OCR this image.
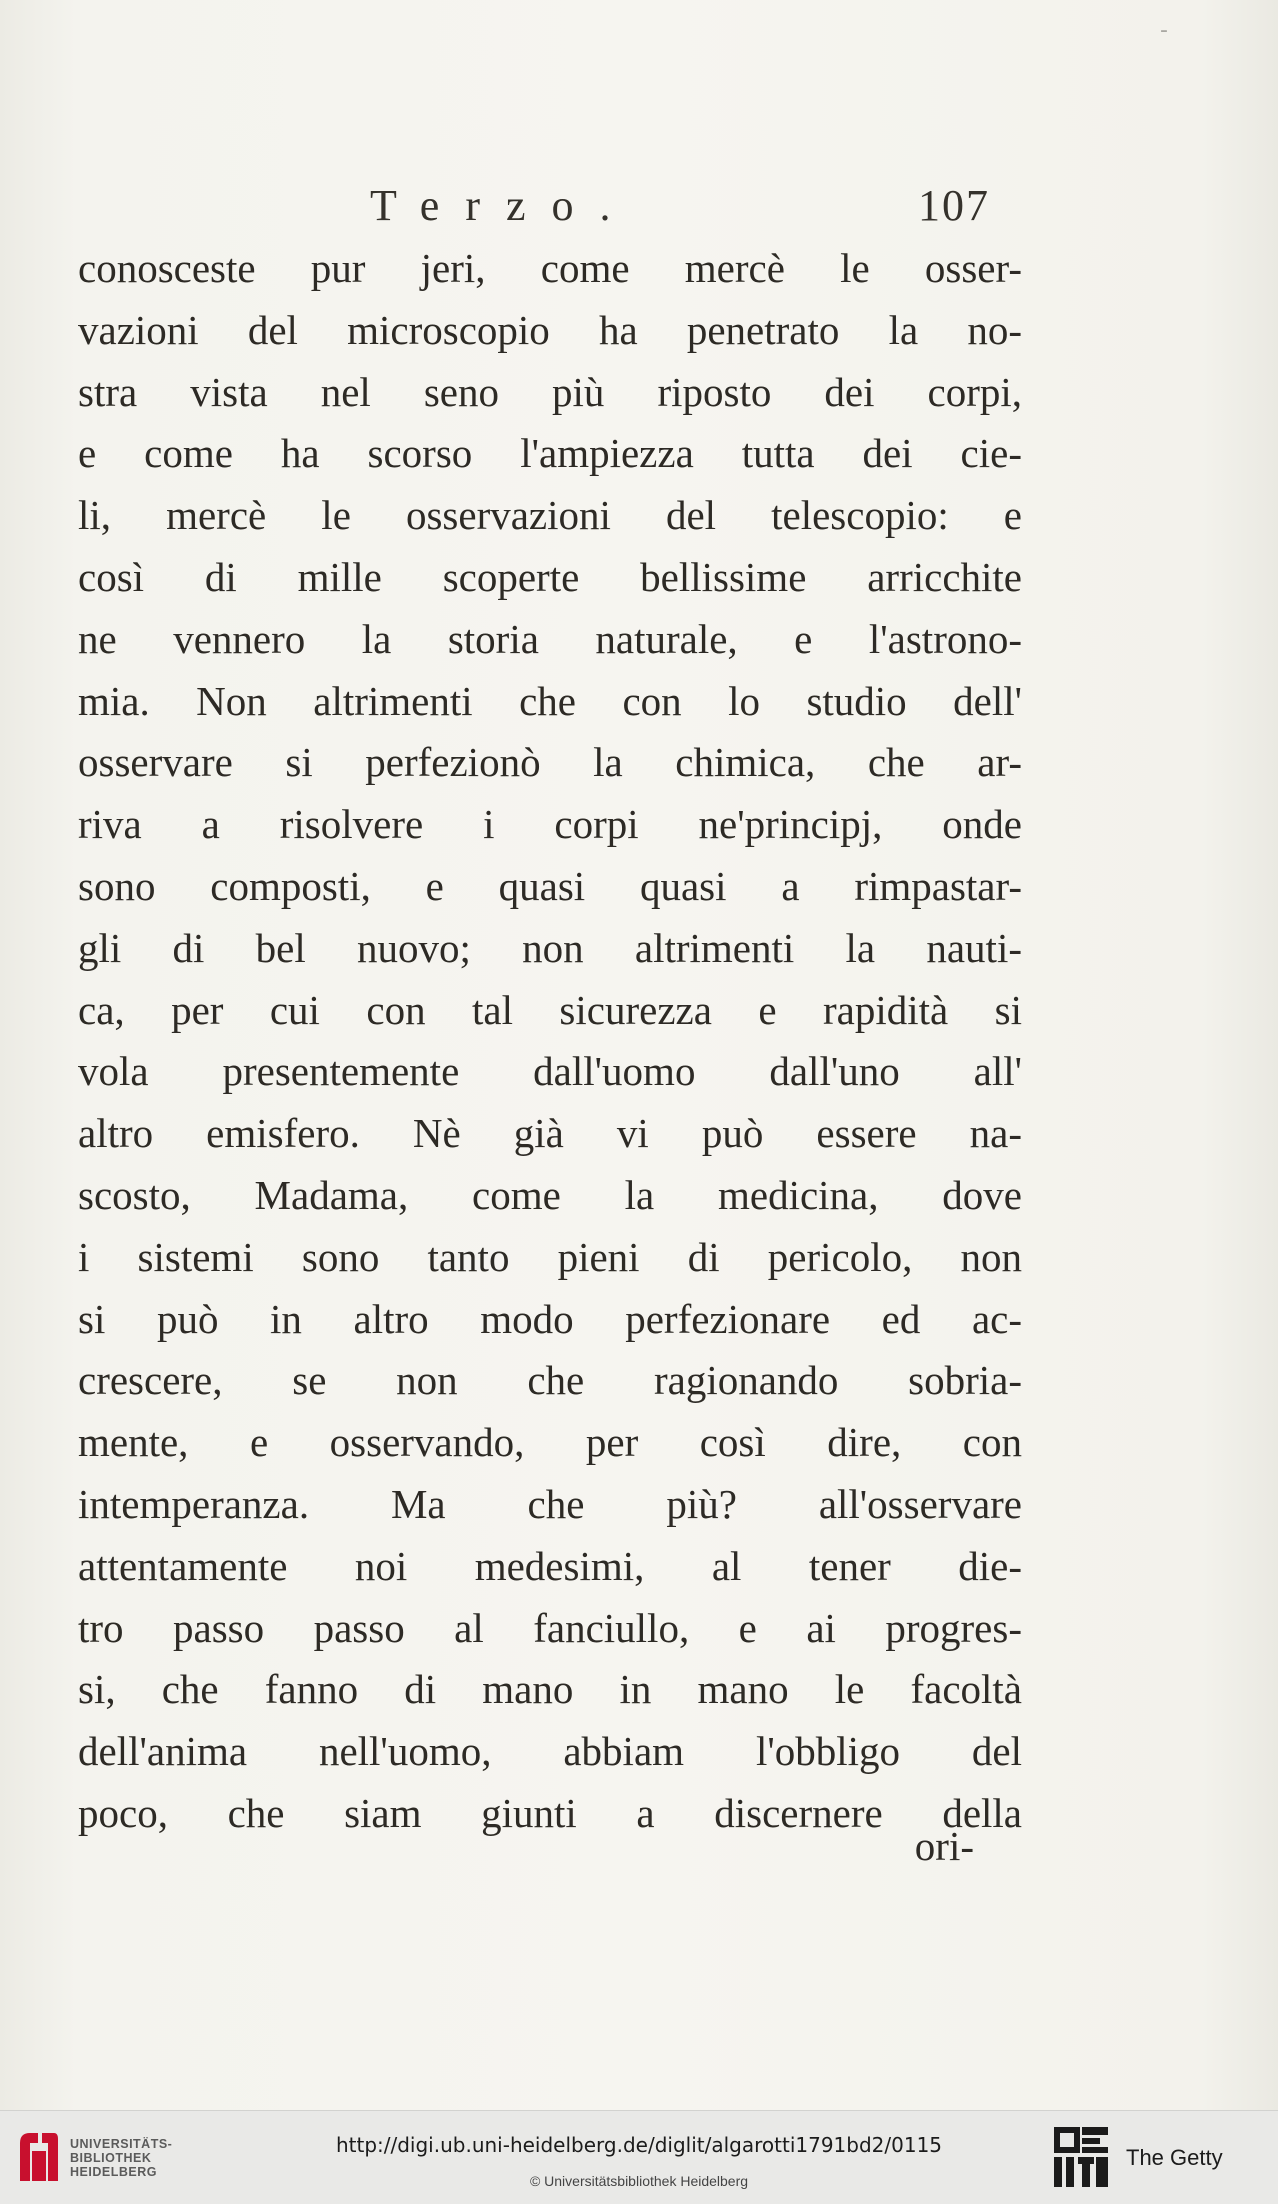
-
Terzo.	107
conosceste pur jeri, come mercè le osser-
vazioni del microscopio ha penetrato la no-
stra vista nel seno più riposto dei corpi,
e come ha scorso l'ampiezza tutta dei cie-
li, mercè le osservazioni del telescopio: e
così di mille scoperte bellissime arricchite
ne vennero la storia naturale, e l'astrono-
mia. Non altrimenti che con lo studio dell'
osservare si perfezionò la chimica, che ar-
riva a risolvere i corpi ne'principj, onde
sono composti, e quasi quasi a rimpastar-
gli di bel nuovo; non altrimenti la nauti-
ca, per cui con tal sicurezza e rapidità si
vola presentemente dall'uomo dall'uno all'
altro emisfero. Nè già vi può essere na-
scosto, Madama, come la medicina, dove
i sistemi sono tanto pieni di pericolo, non
si può in altro modo perfezionare ed ac-
crescere, se non che ragionando sobria-
mente, e osservando, per così dire, con
intemperanza. Ma che più? all'osservare
attentamente noi medesimi, al tener die-
tro passo passo al fanciullo, e ai progres-
si, che fanno di mano in mano le facoltà
dell'anima nell'uomo, abbiam l'obbligo del
poco, che siam giunti a discernere della
ori-
UNIVERSITÄTS-
BIBLIOTHEK
HEIDELBERG
http://digi.ub.uni-heidelberg.de/diglit/algarotti1791bd2/0115
© Universitätsbibliothek Heidelberg
The Getty
